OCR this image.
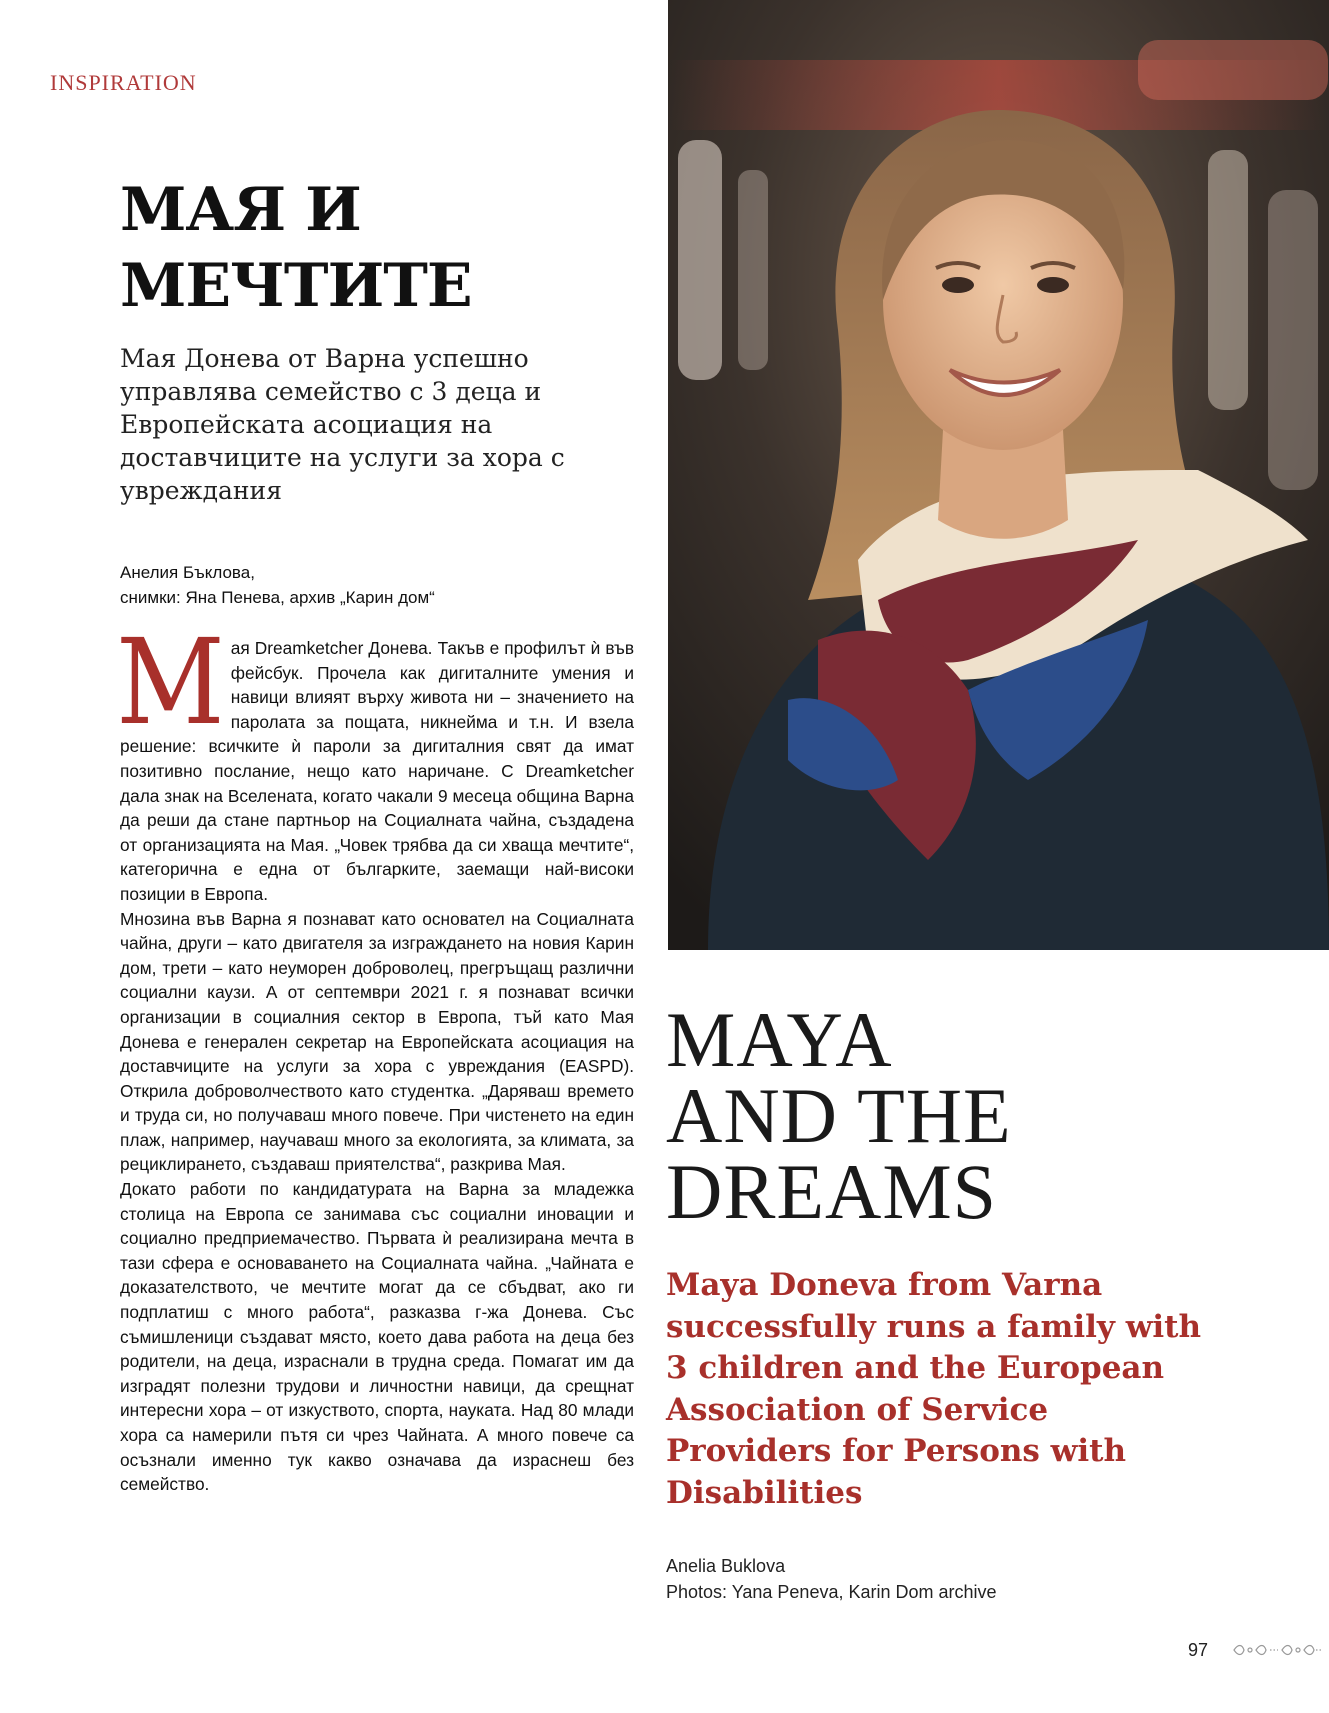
INSPIRATION
МАЯ И
МЕЧТИТЕ

Мая Донева от Варна успешно управлява семейство с 3 деца и Европейската асоциация на доставчиците на услуги за хора с увреждания

Анелия Бъклова,
снимки: Яна Пенева, архив „Карин дом“
М ая Dreamketcher Донева. Такъв е профилът ѝ във фейсбук. Прочела как дигиталните умения и навици влияят върху живота ни – значението на паролата за пощата, никнейма и т.н. И взела решение: всичките ѝ пароли за дигиталния свят да имат позитивно послание, нещо като наричане. С Dreamketcher дала знак на Вселената, когато чакали 9 месеца община Варна да реши да стане партньор на Социалната чайна, създадена от организацията на Мая. „Човек трябва да си хваща мечтите“, категорична е една от българките, заемащи най-високи позиции в Европа.

Мнозина във Варна я познават като основател на Социалната чайна, други – като двигателя за изграждането на новия Карин дом, трети – като неуморен доброволец, прегръщащ различни социални каузи. А от септември 2021 г. я познават всички организации в социалния сектор в Европа, тъй като Мая Донева е генерален секретар на Европейската асоциация на доставчиците на услуги за хора с увреждания (EASPD). Открила доброволчеството като студентка. „Даряваш времето и труда си, но получаваш много повече. При чистенето на един плаж, например, научаваш много за екологията, за климата, за рециклирането, създаваш приятелства“, разкрива Мая.

Докато работи по кандидатурата на Варна за младежка столица на Европа се занимава със социални иновации и социално предприемачество. Първата ѝ реализирана мечта в тази сфера е основаването на Социалната чайна. „Чайната е доказателството, че мечтите могат да се сбъдват, ако ги подплатиш с много работа“, разказва г-жа Донева. Със съмишленици създават място, което дава работа на деца без родители, на деца, израснали в трудна среда. Помагат им да изградят полезни трудови и личностни навици, да срещнат интересни хора – от изкуството, спорта, науката. Над 80 млади хора са намерили пътя си чрез Чайната. А много повече са осъзнали именно тук какво означава да израснеш без семейство.

MAYA
AND THE
DREAMS

Maya Doneva from Varna successfully runs a family with 3 children and the European Association of Service Providers for Persons with Disabilities

Anelia Buklova
Photos: Yana Peneva, Karin Dom archive
97
